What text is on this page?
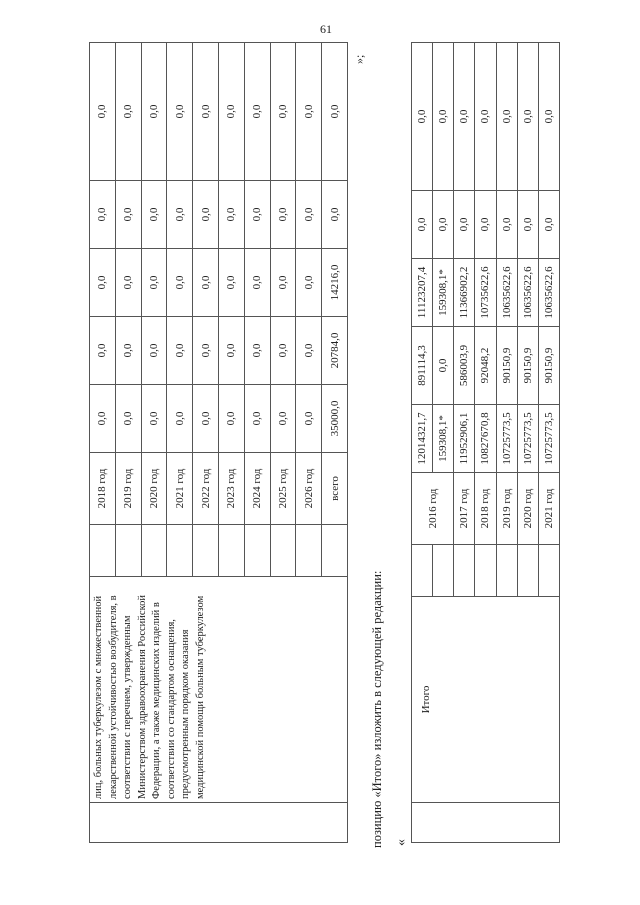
61
»;
	лиц, больных туберкулезом с множественной лекарственной устойчивостью возбудителя, в соответствии с перечнем, утвержденным Министерством здравоохранения Российской Федерации, а также медицинских изделий в соответствии со стандартом оснащения, предусмотренным порядком оказания медицинской помощи больным туберкулезом		2018 год	0,0	0,0	0,0	0,0	0,0	
			2019 год	0,0	0,0	0,0	0,0	0,0	
			2020 год	0,0	0,0	0,0	0,0	0,0	
			2021 год	0,0	0,0	0,0	0,0	0,0	
			2022 год	0,0	0,0	0,0	0,0	0,0	
			2023 год	0,0	0,0	0,0	0,0	0,0	
			2024 год	0,0	0,0	0,0	0,0	0,0	
			2025 год	0,0	0,0	0,0	0,0	0,0	
			2026 год	0,0	0,0	0,0	0,0	0,0	
			всего	35000,0	20784,0	14216,0	0,0	0,0	
позицию «Итого» изложить в следующей редакции: «
	Итого		2016 год	12014321,7	891114,3	11123207,4	0,0	0,0	
				159308,1*	0,0	159308,1*	0,0	0,0	
			2017 год	11952906,1	586003,9	11366902,2	0,0	0,0	
			2018 год	10827670,8	92048,2	10735622,6	0,0	0,0	
			2019 год	10725773,5	90150,9	10635622,6	0,0	0,0	
			2020 год	10725773,5	90150,9	10635622,6	0,0	0,0	
			2021 год	10725773,5	90150,9	10635622,6	0,0	0,0	
